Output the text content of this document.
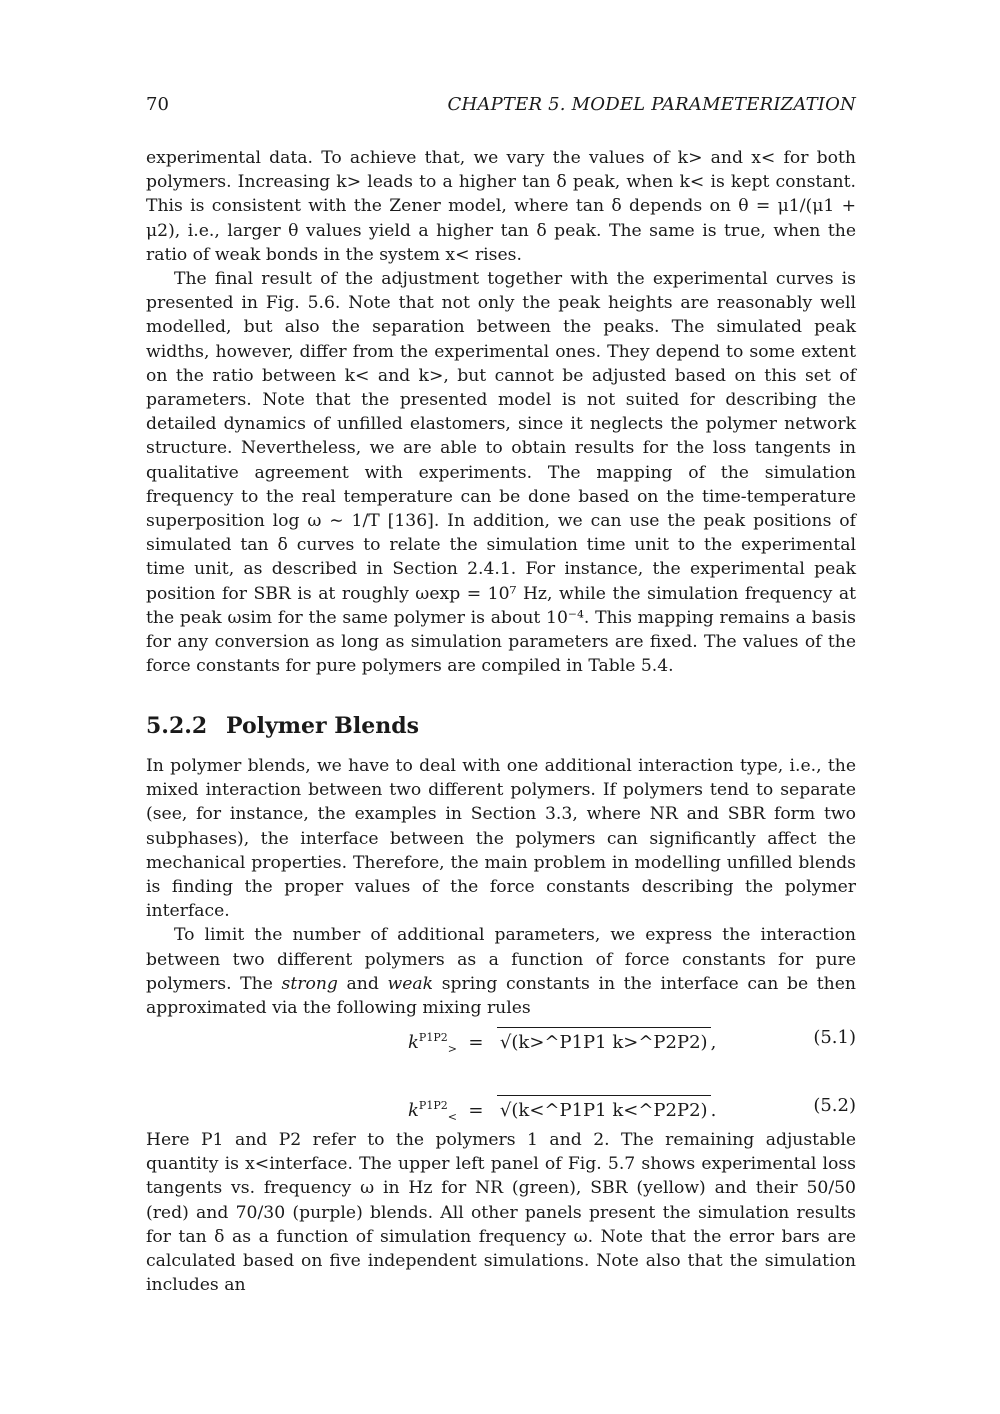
70	CHAPTER 5. MODEL PARAMETERIZATION

experimental data. To achieve that, we vary the values of k> and x< for both polymers. Increasing k> leads to a higher tan δ peak, when k< is kept constant. This is consistent with the Zener model, where tan δ depends on θ = μ1/(μ1 + μ2), i.e., larger θ values yield a higher tan δ peak. The same is true, when the ratio of weak bonds in the system x< rises.

The final result of the adjustment together with the experimental curves is presented in Fig. 5.6. Note that not only the peak heights are reasonably well modelled, but also the separation between the peaks. The simulated peak widths, however, differ from the experimental ones. They depend to some extent on the ratio between k< and k>, but cannot be adjusted based on this set of parameters. Note that the presented model is not suited for describing the detailed dynamics of unfilled elastomers, since it neglects the polymer network structure. Nevertheless, we are able to obtain results for the loss tangents in qualitative agreement with experiments. The mapping of the simulation frequency to the real temperature can be done based on the time-temperature superposition log ω ∼ 1/T [136]. In addition, we can use the peak positions of simulated tan δ curves to relate the simulation time unit to the experimental time unit, as described in Section 2.4.1. For instance, the experimental peak position for SBR is at roughly ωexp = 10⁷ Hz, while the simulation frequency at the peak ωsim for the same polymer is about 10⁻⁴. This mapping remains a basis for any conversion as long as simulation parameters are fixed. The values of the force constants for pure polymers are compiled in Table 5.4.

5.2.2 Polymer Blends

In polymer blends, we have to deal with one additional interaction type, i.e., the mixed interaction between two different polymers. If polymers tend to separate (see, for instance, the examples in Section 3.3, where NR and SBR form two subphases), the interface between the polymers can significantly affect the mechanical properties. Therefore, the main problem in modelling unfilled blends is finding the proper values of the force constants describing the polymer interface.

To limit the number of additional parameters, we express the interaction between two different polymers as a function of force constants for pure polymers. The strong and weak spring constants in the interface can be then approximated via the following mixing rules

$k^{P1P2}_>$  =  √(k>^P1P1 k>^P2P2) ,	(5.1)
$k^{P1P2}_<$  =  √(k<^P1P1 k<^P2P2) .	(5.2)

Here P1 and P2 refer to the polymers 1 and 2. The remaining adjustable quantity is x<interface. The upper left panel of Fig. 5.7 shows experimental loss tangents vs. frequency ω in Hz for NR (green), SBR (yellow) and their 50/50 (red) and 70/30 (purple) blends. All other panels present the simulation results for tan δ as a function of simulation frequency ω. Note that the error bars are calculated based on five independent simulations. Note also that the simulation includes an
